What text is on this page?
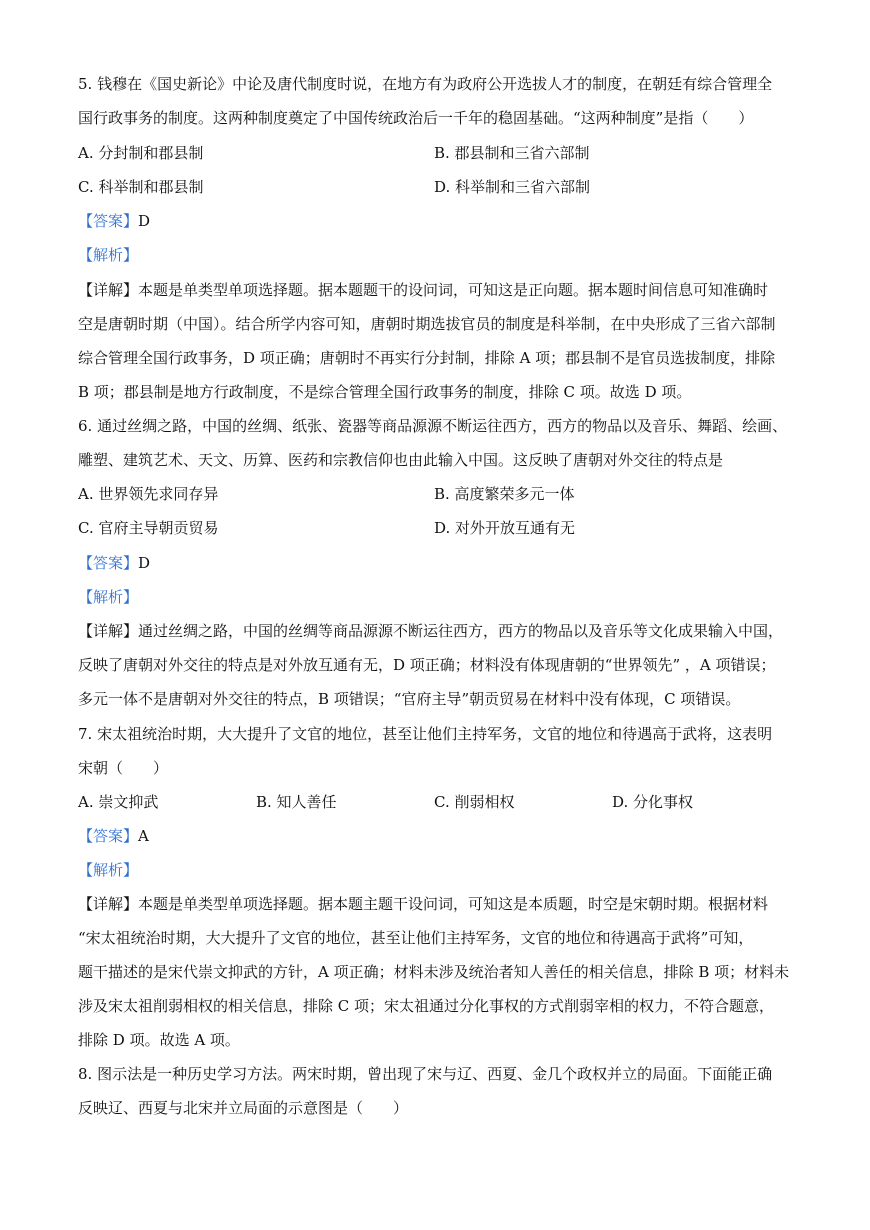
5. 钱穆在《国史新论》中论及唐代制度时说，在地方有为政府公开选拔人才的制度，在朝廷有综合管理全
国行政事务的制度。这两种制度奠定了中国传统政治后一千年的稳固基础。“这两种制度”是指（　　）
A. 分封制和郡县制	B. 郡县制和三省六部制
C. 科举制和郡县制	D. 科举制和三省六部制
【答案】D
【解析】
【详解】本题是单类型单项选择题。据本题题干的设问词，可知这是正向题。据本题时间信息可知准确时
空是唐朝时期（中国）。结合所学内容可知，唐朝时期选拔官员的制度是科举制，在中央形成了三省六部制
综合管理全国行政事务，D 项正确；唐朝时不再实行分封制，排除 A 项；郡县制不是官员选拔制度，排除
B 项；郡县制是地方行政制度，不是综合管理全国行政事务的制度，排除 C 项。故选 D 项。
6. 通过丝绸之路，中国的丝绸、纸张、瓷器等商品源源不断运往西方，西方的物品以及音乐、舞蹈、绘画、
雕塑、建筑艺术、天文、历算、医药和宗教信仰也由此输入中国。这反映了唐朝对外交往的特点是
A. 世界领先求同存异	B. 高度繁荣多元一体
C. 官府主导朝贡贸易	D. 对外开放互通有无
【答案】D
【解析】
【详解】通过丝绸之路，中国的丝绸等商品源源不断运往西方，西方的物品以及音乐等文化成果输入中国，
反映了唐朝对外交往的特点是对外放互通有无，D 项正确；材料没有体现唐朝的“世界领先” ，A 项错误；
多元一体不是唐朝对外交往的特点，B 项错误；“官府主导”朝贡贸易在材料中没有体现，C 项错误。
7. 宋太祖统治时期，大大提升了文官的地位，甚至让他们主持军务，文官的地位和待遇高于武将，这表明
宋朝（　　）
A. 崇文抑武	B. 知人善任	C. 削弱相权	D. 分化事权
【答案】A
【解析】
【详解】本题是单类型单项选择题。据本题主题干设问词，可知这是本质题，时空是宋朝时期。根据材料
“宋太祖统治时期，大大提升了文官的地位，甚至让他们主持军务，文官的地位和待遇高于武将”可知，
题干描述的是宋代崇文抑武的方针，A 项正确；材料未涉及统治者知人善任的相关信息，排除 B 项；材料未
涉及宋太祖削弱相权的相关信息，排除 C 项；宋太祖通过分化事权的方式削弱宰相的权力，不符合题意，
排除 D 项。故选 A 项。
8. 图示法是一种历史学习方法。两宋时期，曾出现了宋与辽、西夏、金几个政权并立的局面。下面能正确
反映辽、西夏与北宋并立局面的示意图是（　　）
